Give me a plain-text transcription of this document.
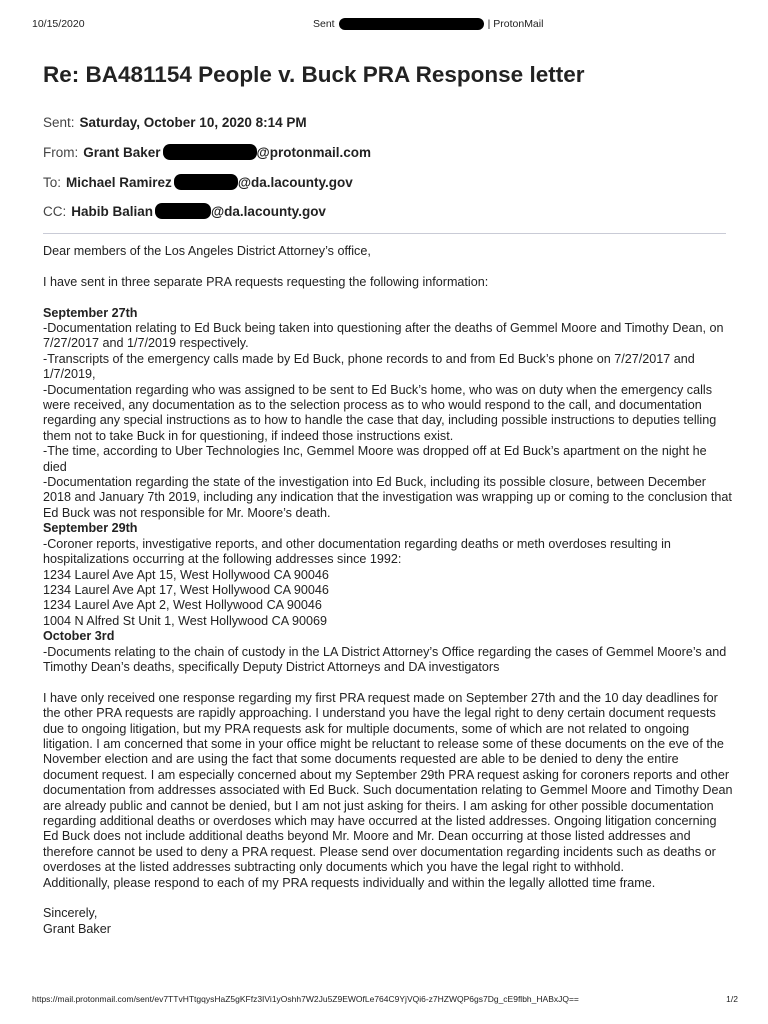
10/15/2020	Sent	| ProtonMail
Re: BA481154 People v. Buck PRA Response letter
Sent: Saturday, October 10, 2020 8:14 PM
From: Grant Baker	@protonmail.com
To: Michael Ramirez	@da.lacounty.gov
CC: Habib Balian	@da.lacounty.gov

Dear members of the Los Angeles District Attorney’s office,

I have sent in three separate PRA requests requesting the following information:

September 27th

-Documentation relating to Ed Buck being taken into questioning after the deaths of Gemmel Moore and Timothy Dean, on 7/27/2017 and 1/7/2019 respectively.

-Transcripts of the emergency calls made by Ed Buck, phone records to and from Ed Buck’s phone on 7/27/2017 and 1/7/2019,

-Documentation regarding who was assigned to be sent to Ed Buck’s home, who was on duty when the emergency calls were received, any documentation as to the selection process as to who would respond to the call, and documentation regarding any special instructions as to how to handle the case that day, including possible instructions to deputies telling them not to take Buck in for questioning, if indeed those instructions exist.

-The time, according to Uber Technologies Inc, Gemmel Moore was dropped off at Ed Buck’s apartment on the night he died

-Documentation regarding the state of the investigation into Ed Buck, including its possible closure, between December 2018 and January 7th 2019, including any indication that the investigation was wrapping up or coming to the conclusion that Ed Buck was not responsible for Mr. Moore’s death.

September 29th

-Coroner reports, investigative reports, and other documentation regarding deaths or meth overdoses resulting in hospitalizations occurring at the following addresses since 1992:

1234 Laurel Ave Apt 15, West Hollywood CA 90046

1234 Laurel Ave Apt 17, West Hollywood CA 90046

1234 Laurel Ave Apt 2, West Hollywood CA 90046

1004 N Alfred St Unit 1, West Hollywood CA 90069

October 3rd

-Documents relating to the chain of custody in the LA District Attorney’s Office regarding the cases of Gemmel Moore’s and Timothy Dean’s deaths, specifically Deputy District Attorneys and DA investigators

I have only received one response regarding my first PRA request made on September 27th and the 10 day deadlines for the other PRA requests are rapidly approaching. I understand you have the legal right to deny certain document requests due to ongoing litigation, but my PRA requests ask for multiple documents, some of which are not related to ongoing litigation. I am concerned that some in your office might be reluctant to release some of these documents on the eve of the November election and are using the fact that some documents requested are able to be denied to deny the entire document request. I am especially concerned about my September 29th PRA request asking for coroners reports and other documentation from addresses associated with Ed Buck. Such documentation relating to Gemmel Moore and Timothy Dean are already public and cannot be denied, but I am not just asking for theirs. I am asking for other possible documentation regarding additional deaths or overdoses which may have occurred at the listed addresses. Ongoing litigation concerning Ed Buck does not include additional deaths beyond Mr. Moore and Mr. Dean occurring at those listed addresses and therefore cannot be used to deny a PRA request. Please send over documentation regarding incidents such as deaths or overdoses at the listed addresses subtracting only documents which you have the legal right to withhold.

Additionally, please respond to each of my PRA requests individually and within the legally allotted time frame.

Sincerely,

Grant Baker

https://mail.protonmail.com/sent/ev7TTvHTtgqysHaZ5gKFfz3IVi1yOshh7W2Ju5Z9EWOfLe764C9YjVQi6-z7HZWQP6gs7Dg_cE9flbh_HABxJQ==	1/2
